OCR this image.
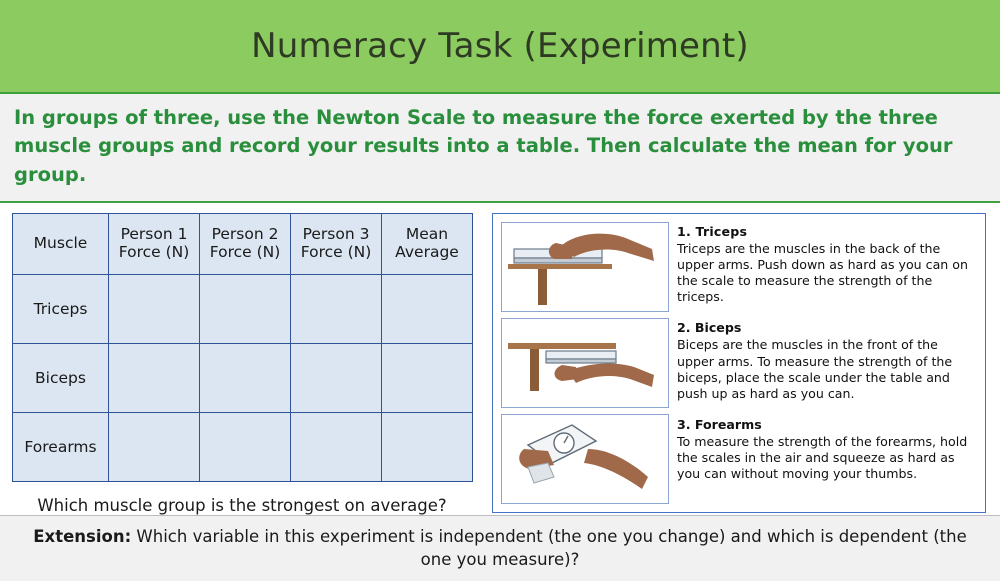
Numeracy Task (Experiment)
In groups of three, use the Newton Scale to measure the force exerted by the three muscle groups and record your results into a table. Then calculate the mean for your group.
Muscle	Person 1 Force (N)	Person 2 Force (N)	Person 3 Force (N)	Mean Average
Triceps				
Biceps				
Forearms				
Which muscle group is the strongest on average?
1. Triceps
Triceps are the muscles in the back of the upper arms. Push down as hard as you can on the scale to measure the strength of the triceps.
2. Biceps
Biceps are the muscles in the front of the upper arms. To measure the strength of the biceps, place the scale under the table and push up as hard as you can.
3. Forearms
To measure the strength of the forearms, hold the scales in the air and squeeze as hard as you can without moving your thumbs.
Extension: Which variable in this experiment is independent (the one you change) and which is dependent (the one you measure)?
